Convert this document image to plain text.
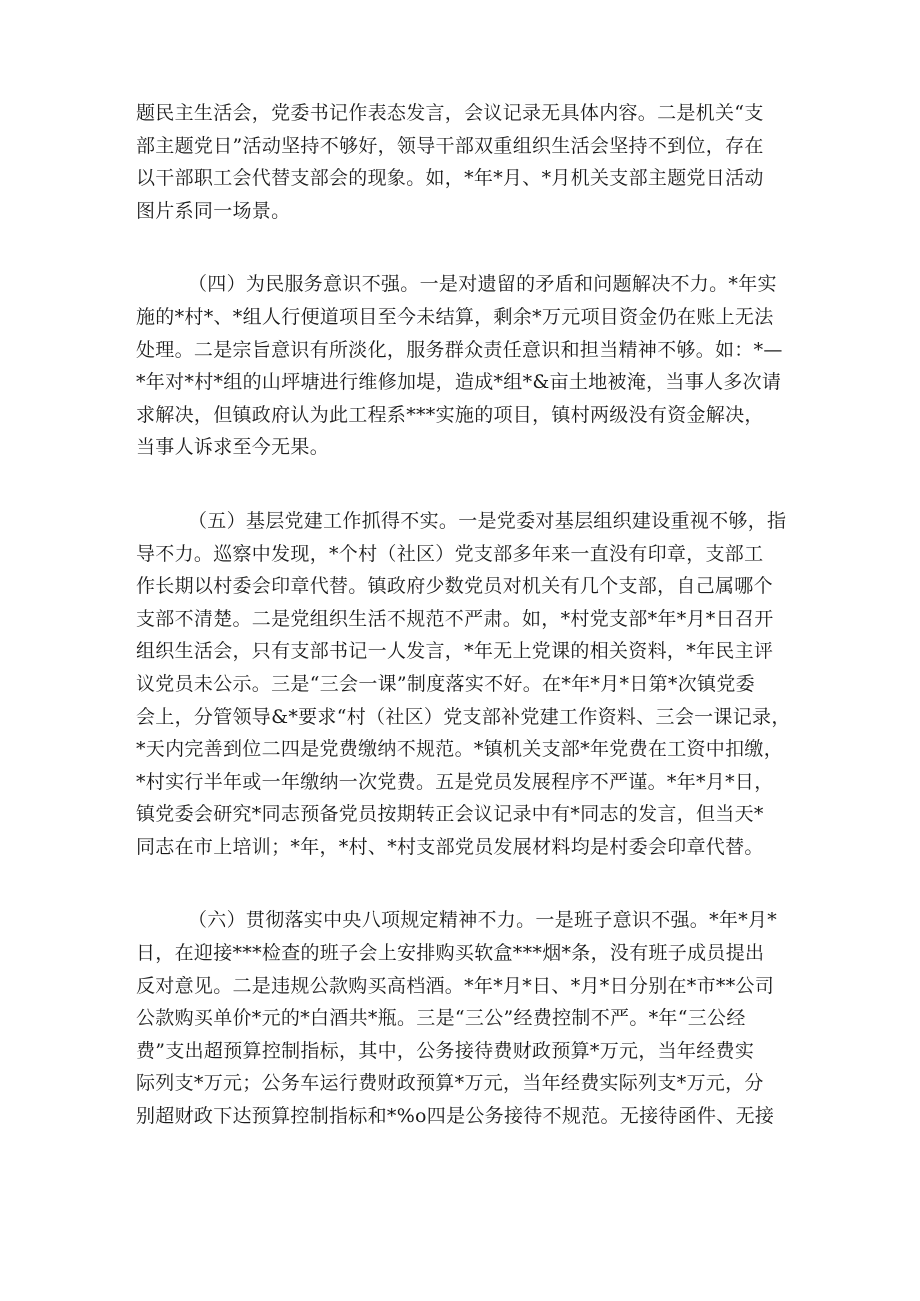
题民主生活会，党委书记作表态发言，会议记录无具体内容。二是机关“支
部主题党日”活动坚持不够好，领导干部双重组织生活会坚持不到位，存在
以干部职工会代替支部会的现象。如，*年*月、*月机关支部主题党日活动
图片系同一场景。
（四）为民服务意识不强。一是对遗留的矛盾和问题解决不力。*年实
施的*村*、*组人行便道项目至今未结算，剩余*万元项目资金仍在账上无法
处理。二是宗旨意识有所淡化，服务群众责任意识和担当精神不够。如：*—
*年对*村*组的山坪塘进行维修加堤，造成*组*&亩土地被淹，当事人多次请
求解决，但镇政府认为此工程系***实施的项目，镇村两级没有资金解决，
当事人诉求至今无果。
（五）基层党建工作抓得不实。一是党委对基层组织建设重视不够，指
导不力。巡察中发现，*个村（社区）党支部多年来一直没有印章，支部工
作长期以村委会印章代替。镇政府少数党员对机关有几个支部，自己属哪个
支部不清楚。二是党组织生活不规范不严肃。如，*村党支部*年*月*日召开
组织生活会，只有支部书记一人发言，*年无上党课的相关资料，*年民主评
议党员未公示。三是“三会一课”制度落实不好。在*年*月*日第*次镇党委
会上，分管领导&*要求“村（社区）党支部补党建工作资料、三会一课记录，
*天内完善到位二四是党费缴纳不规范。*镇机关支部*年党费在工资中扣缴，
*村实行半年或一年缴纳一次党费。五是党员发展程序不严谨。*年*月*日，
镇党委会研究*同志预备党员按期转正会议记录中有*同志的发言，但当天*
同志在市上培训；*年，*村、*村支部党员发展材料均是村委会印章代替。
（六）贯彻落实中央八项规定精神不力。一是班子意识不强。*年*月*
日，在迎接***检查的班子会上安排购买软盒***烟*条，没有班子成员提出
反对意见。二是违规公款购买高档酒。*年*月*日、*月*日分别在*市**公司
公款购买单价*元的*白酒共*瓶。三是“三公”经费控制不严。*年“三公经
费”支出超预算控制指标，其中，公务接待费财政预算*万元，当年经费实
际列支*万元；公务车运行费财政预算*万元，当年经费实际列支*万元，分
别超财政下达预算控制指标和*%o四是公务接待不规范。无接待函件、无接
